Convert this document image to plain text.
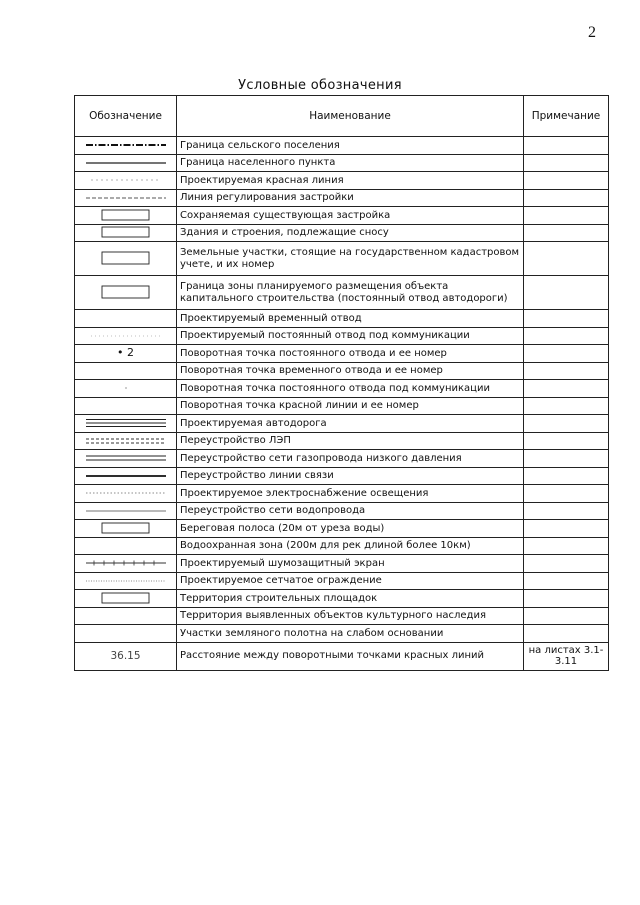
2
Условные обозначения
Обозначение	Наименование	Примечание

	Граница сельского поселения	

	Граница населенного пункта	

	Проектируемая красная линия	

	Линия регулирования застройки	

	Сохраняемая существующая застройка	

	Здания и строения, подлежащие сносу	

	Земельные участки, стоящие на государственном кадастровом учете, и их номер	

	Граница зоны планируемого размещения объекта капитального строительства (постоянный отвод автодороги)	
	Проектируемый временный отвод	

	Проектируемый постоянный отвод под коммуникации	
• 2	Поворотная точка постоянного отвода и ее номер	
	Поворотная точка временного отвода и ее номер	

	Поворотная точка постоянного отвода под коммуникации	
	Поворотная точка красной линии и ее номер	

	Проектируемая автодорога	

	Переустройство ЛЭП	

	Переустройство сети газопровода низкого давления	

	Переустройство линии связи	

	Проектируемое электроснабжение освещения	

	Переустройство сети водопровода	

	Береговая полоса (20м от уреза воды)	
	Водоохранная зона (200м для рек длиной более 10км)	

	Проектируемый шумозащитный экран	

	Проектируемое сетчатое ограждение	

	Территория строительных площадок	
	Территория выявленных объектов культурного наследия	
	Участки земляного полотна на слабом основании	
36.15	Расстояние между поворотными точками красных линий	на листах 3.1-3.11
